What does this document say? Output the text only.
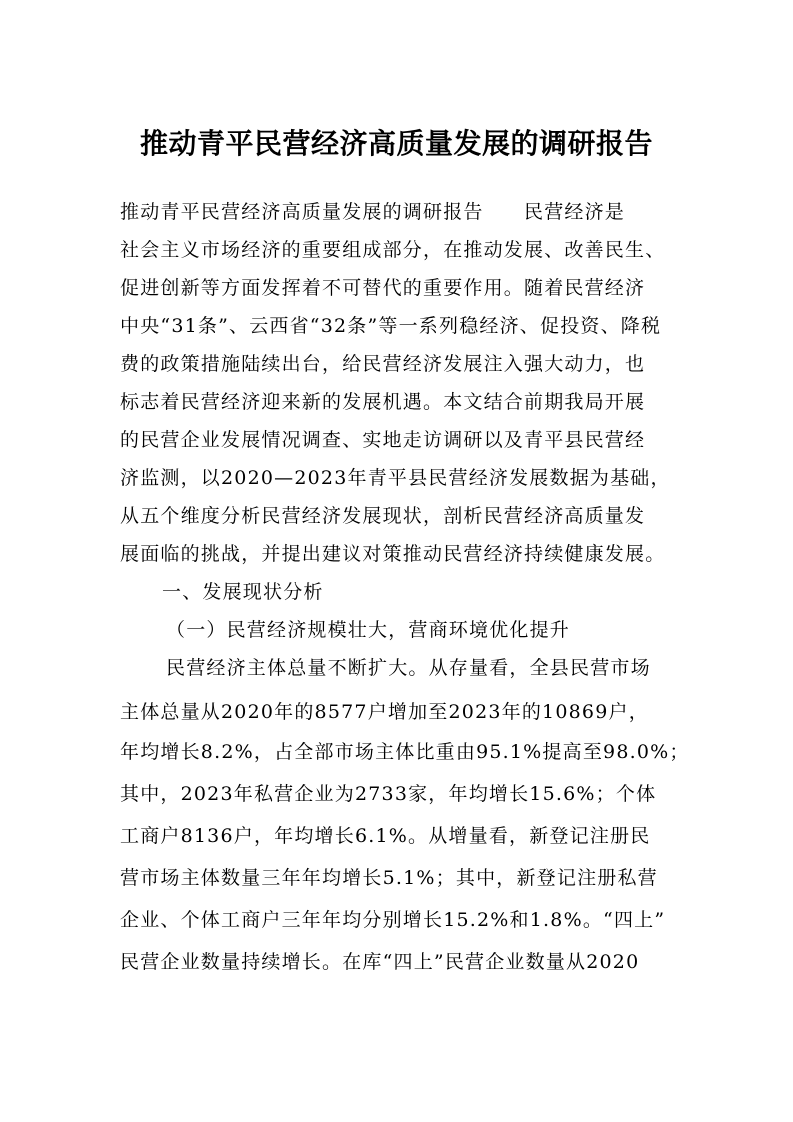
推动青平民营经济高质量发展的调研报告
推动青平民营经济高质量发展的调研报告　　民营经济是
社会主义市场经济的重要组成部分，在推动发展、改善民生、
促进创新等方面发挥着不可替代的重要作用。随着民营经济
中央“31条”、云西省“32条”等一系列稳经济、促投资、降税
费的政策措施陆续出台，给民营经济发展注入强大动力，也
标志着民营经济迎来新的发展机遇。本文结合前期我局开展
的民营企业发展情况调查、实地走访调研以及青平县民营经
济监测，以2020—2023年青平县民营经济发展数据为基础，
从五个维度分析民营经济发展现状，剖析民营经济高质量发
展面临的挑战，并提出建议对策推动民营经济持续健康发展。
一、发展现状分析
（一）民营经济规模壮大，营商环境优化提升
民营经济主体总量不断扩大。从存量看，全县民营市场
主体总量从2020年的8577户增加至2023年的10869户，
年均增长8.2%，占全部市场主体比重由95.1%提高至98.0%；
其中，2023年私营企业为2733家，年均增长15.6%；个体
工商户8136户，年均增长6.1%。从增量看，新登记注册民
营市场主体数量三年年均增长5.1%；其中，新登记注册私营
企业、个体工商户三年年均分别增长15.2%和1.8%。“四上”
民营企业数量持续增长。在库“四上”民营企业数量从2020
